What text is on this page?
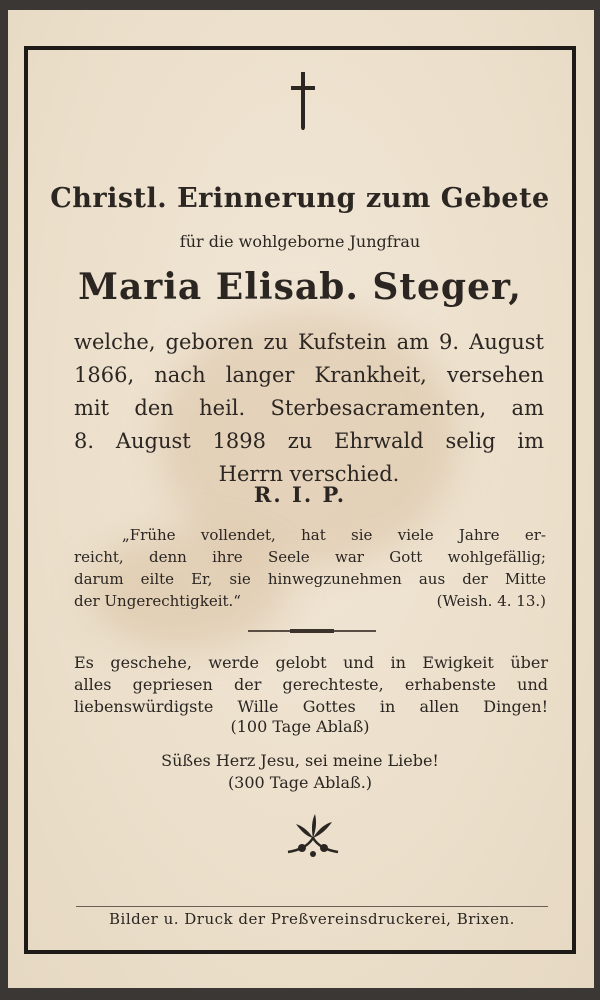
Christl. Erinnerung zum Gebete
für die wohlgeborne Jungfrau
Maria Elisab. Steger,
welche, geboren zu Kufstein am 9. August
1866, nach langer Krankheit, versehen
mit den heil. Sterbesacramenten, am
8. August 1898 zu Ehrwald selig im
Herrn verschied.
R. I. P.
„Frühe vollendet, hat sie viele Jahre er-
reicht, denn ihre Seele war Gott wohlgefällig;
darum eilte Er, sie hinwegzunehmen aus der Mitte
der Ungerechtigkeit.“	(Weish. 4. 13.)
Es geschehe, werde gelobt und in Ewigkeit über
alles gepriesen der gerechteste, erhabenste und
liebenswürdigste Wille Gottes in allen Dingen!
(100 Tage Ablaß)
Süßes Herz Jesu, sei meine Liebe!
(300 Tage Ablaß.)
Bilder u. Druck der Preßvereinsdruckerei, Brixen.
